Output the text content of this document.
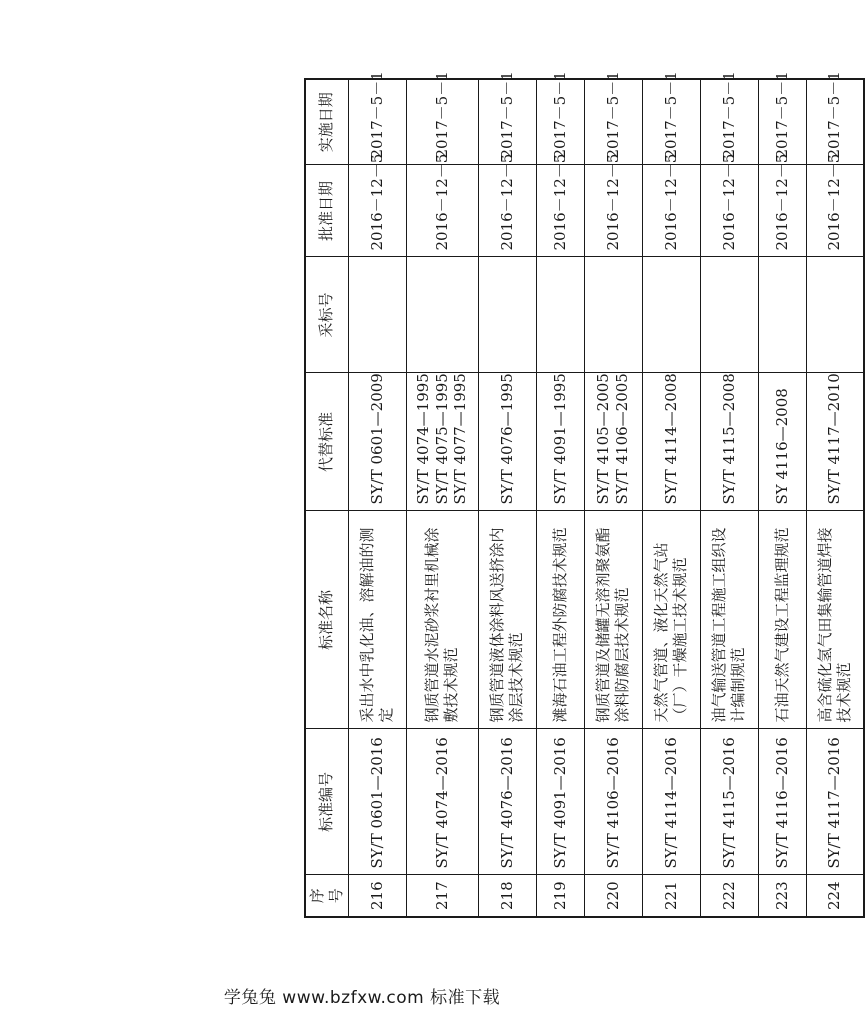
序号	标准编号	标准名称	代替标准	采标号	批准日期	实施日期
216	SY/T 0601—2016	采出水中乳化油、溶解油的测定	SY/T 0601—2009		2016－12－5	2017－5－1
217	SY/T 4074—2016	钢质管道水泥砂浆衬里机械涂敷技术规范	SY/T 4074—1995 SY/T 4075—1995 SY/T 4077—1995		2016－12－5	2017－5－1
218	SY/T 4076—2016	钢质管道液体涂料风送挤涂内涂层技术规范	SY/T 4076—1995		2016－12－5	2017－5－1
219	SY/T 4091—2016	滩海石油工程外防腐技术规范	SY/T 4091—1995		2016－12－5	2017－5－1
220	SY/T 4106—2016	钢质管道及储罐无溶剂聚氨酯涂料防腐层技术规范	SY/T 4105—2005 SY/T 4106—2005		2016－12－5	2017－5－1
221	SY/T 4114—2016	天然气管道、液化天然气站（厂）干燥施工技术规范	SY/T 4114—2008		2016－12－5	2017－5－1
222	SY/T 4115—2016	油气输送管道工程施工组织设计编制规范	SY/T 4115—2008		2016－12－5	2017－5－1
223	SY/T 4116—2016	石油天然气建设工程监理规范	SY 4116—2008		2016－12－5	2017－5－1
224	SY/T 4117—2016	高含硫化氢气田集输管道焊接技术规范	SY/T 4117—2010		2016－12－5	2017－5－1
学兔兔 www.bzfxw.com 标准下载
